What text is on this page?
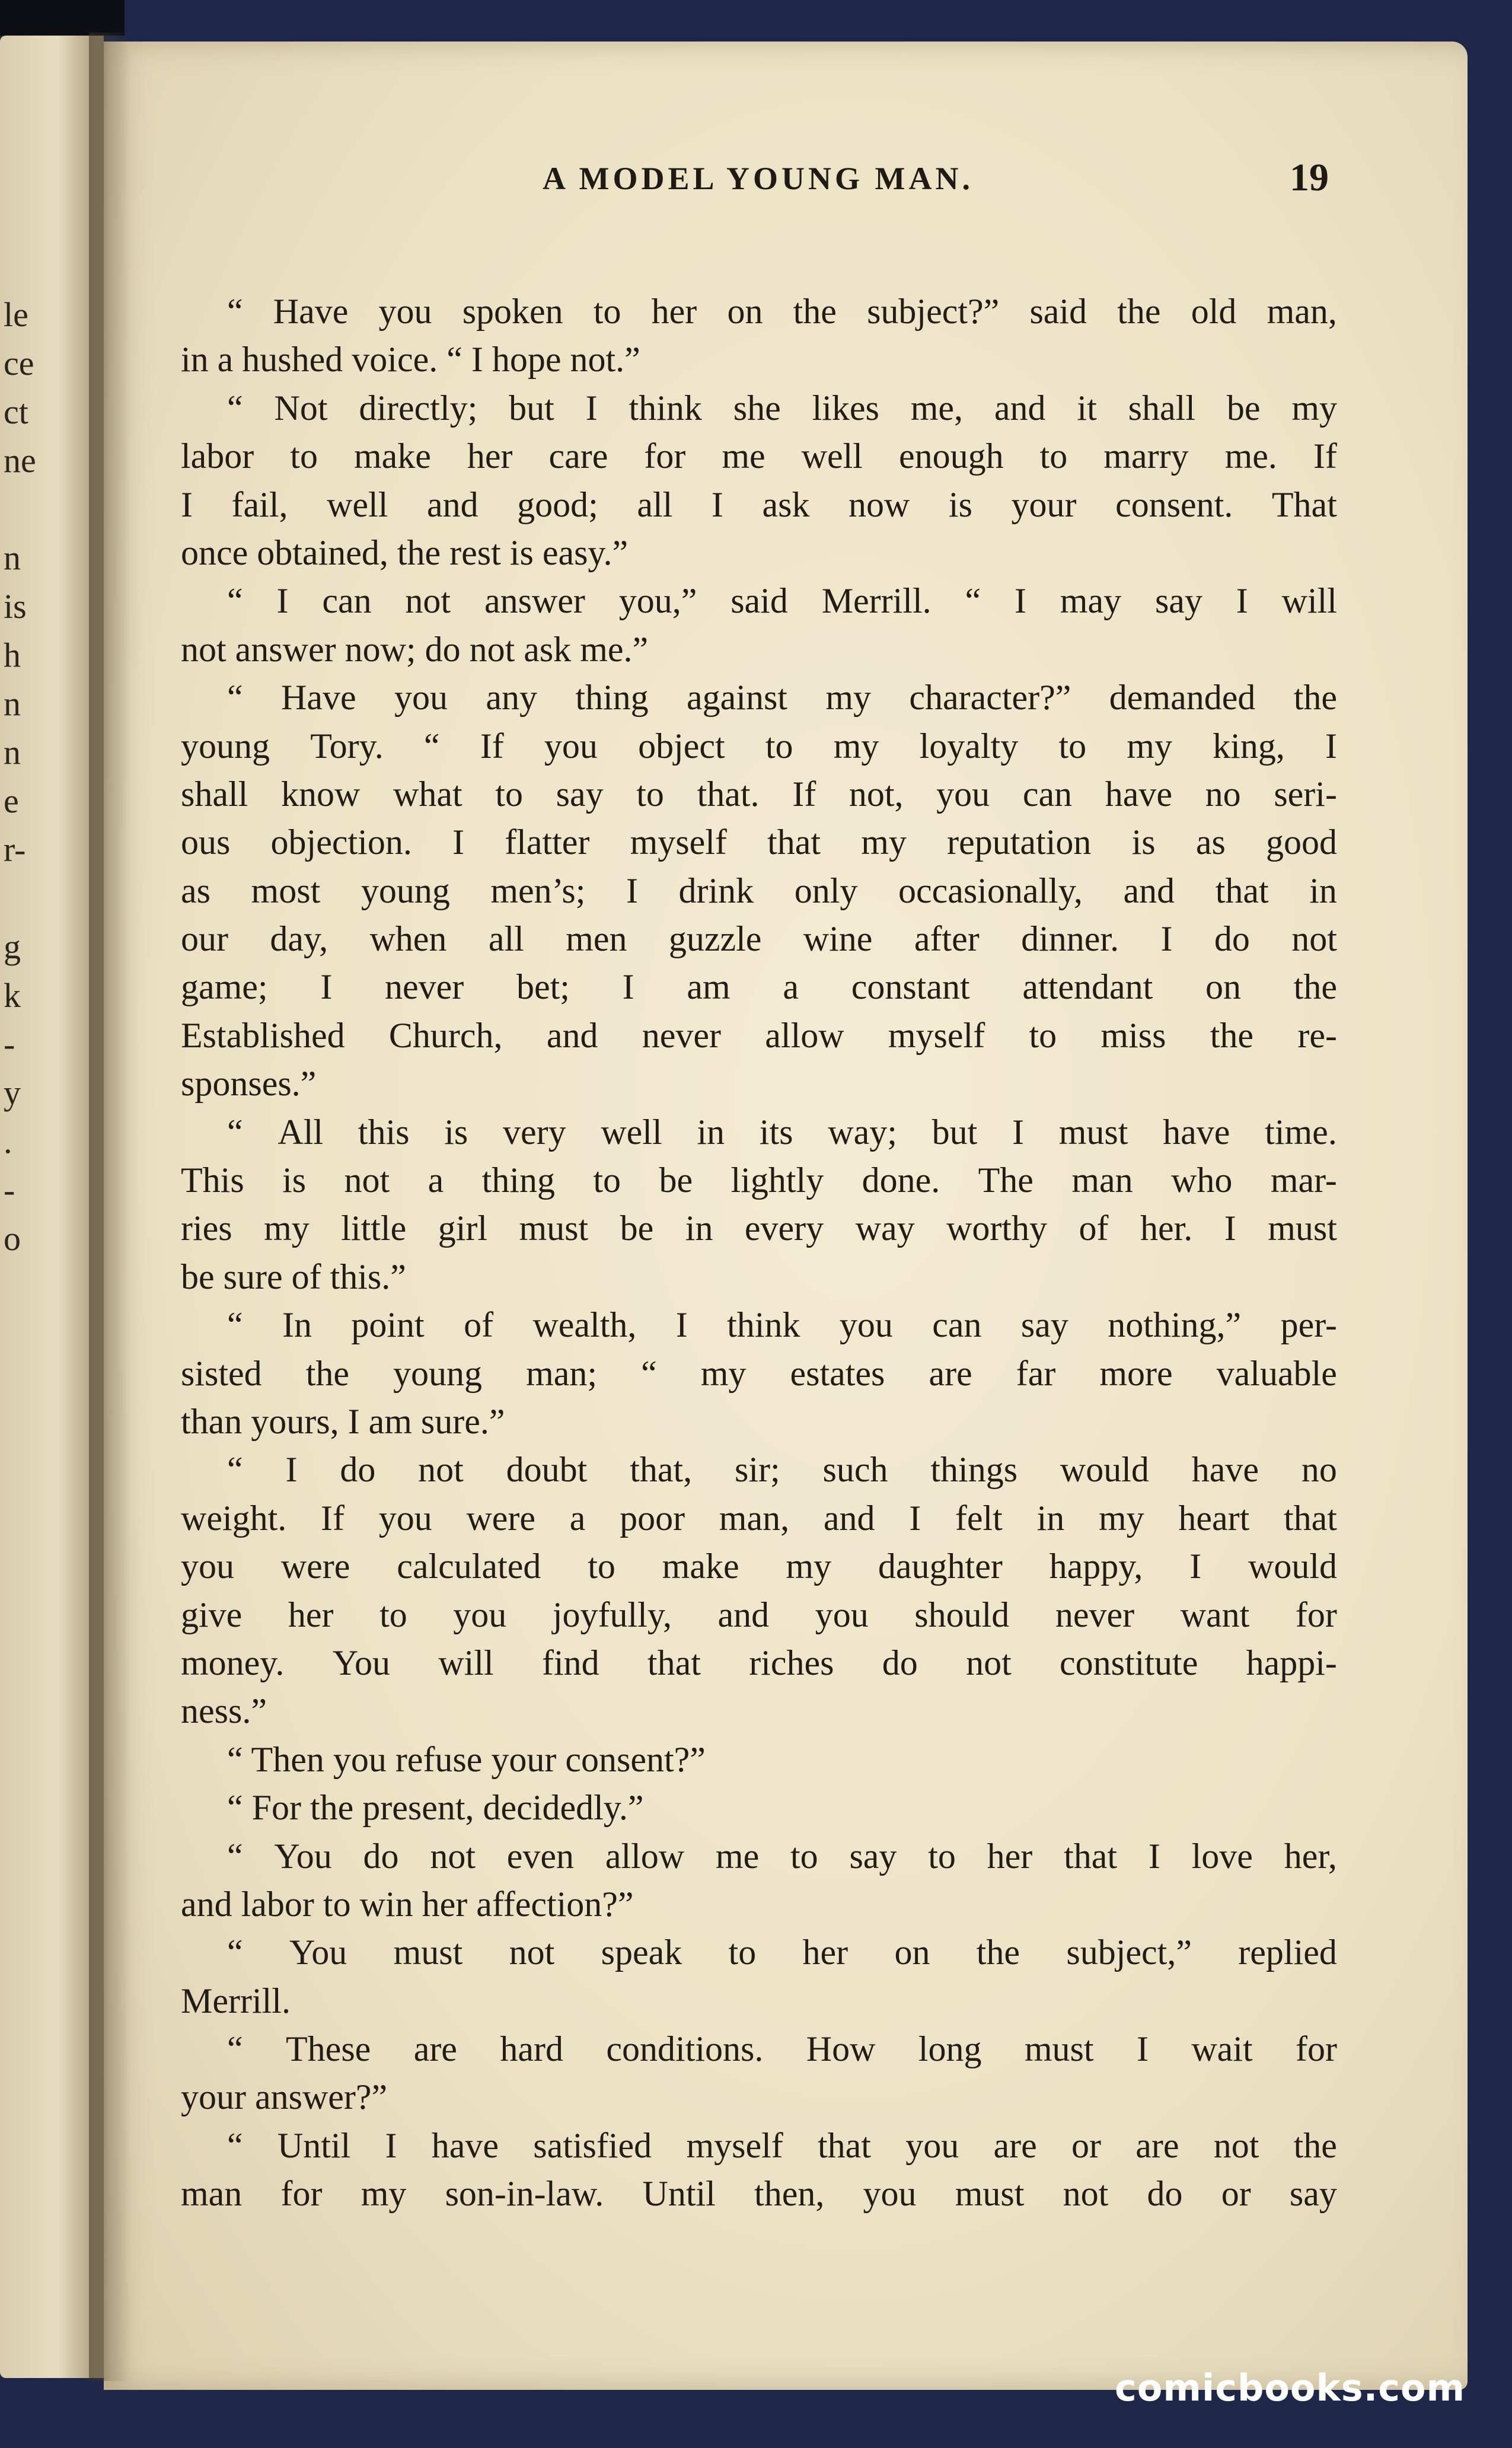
le
ce
ct
ne
n
is
h
n
n
e
r-
g
k
-
y
.
-
o
A MODEL YOUNG MAN.	19
“ Have you spoken to her on the subject?” said the old man,
in a hushed voice. “ I hope not.”
“ Not directly; but I think she likes me, and it shall be my
labor to make her care for me well enough to marry me. If
I fail, well and good; all I ask now is your consent. That
once obtained, the rest is easy.”
“ I can not answer you,” said Merrill. “ I may say I will
not answer now; do not ask me.”
“ Have you any thing against my character?” demanded the
young Tory. “ If you object to my loyalty to my king, I
shall know what to say to that. If not, you can have no seri-
ous objection. I flatter myself that my reputation is as good
as most young men’s; I drink only occasionally, and that in
our day, when all men guzzle wine after dinner. I do not
game; I never bet; I am a constant attendant on the
Established Church, and never allow myself to miss the re-
sponses.”
“ All this is very well in its way; but I must have time.
This is not a thing to be lightly done. The man who mar-
ries my little girl must be in every way worthy of her. I must
be sure of this.”
“ In point of wealth, I think you can say nothing,” per-
sisted the young man; “ my estates are far more valuable
than yours, I am sure.”
“ I do not doubt that, sir; such things would have no
weight. If you were a poor man, and I felt in my heart that
you were calculated to make my daughter happy, I would
give her to you joyfully, and you should never want for
money. You will find that riches do not constitute happi-
ness.”
“ Then you refuse your consent?”
“ For the present, decidedly.”
“ You do not even allow me to say to her that I love her,
and labor to win her affection?”
“ You must not speak to her on the subject,” replied
Merrill.
“ These are hard conditions. How long must I wait for
your answer?”
“ Until I have satisfied myself that you are or are not the
man for my son-in-law. Until then, you must not do or say
comicbooks.com
